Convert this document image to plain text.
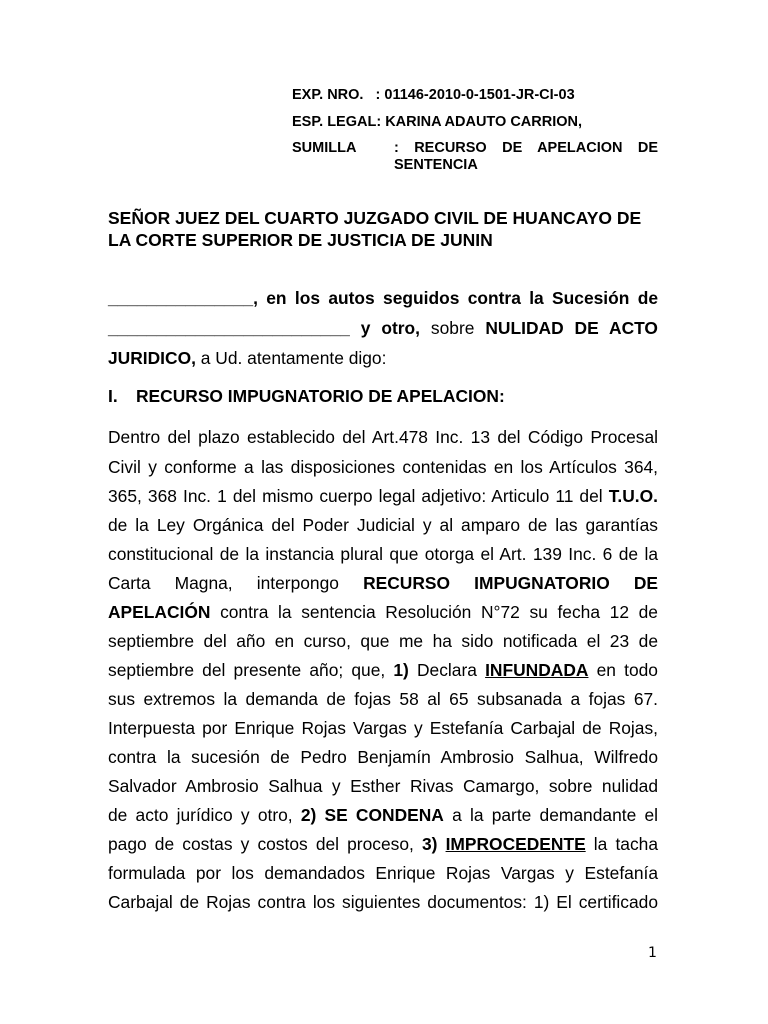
EXP. NRO. : 01146-2010-0-1501-JR-CI-03
ESP. LEGAL: KARINA ADAUTO CARRION,
SUMILLA	: RECURSO DE APELACION DE
SENTENCIA
SEÑOR JUEZ DEL CUARTO JUZGADO CIVIL DE HUANCAYO DE
LA CORTE SUPERIOR DE JUSTICIA DE JUNIN
_______________, en los autos seguidos contra la Sucesión de
_________________________ y otro, sobre NULIDAD DE ACTO
JURIDICO, a Ud. atentamente digo:
I. RECURSO IMPUGNATORIO DE APELACION:
Dentro del plazo establecido del Art.478 Inc. 13 del Código Procesal
Civil y conforme a las disposiciones contenidas en los Artículos 364,
365, 368 Inc. 1 del mismo cuerpo legal adjetivo: Articulo 11 del T.U.O.
de la Ley Orgánica del Poder Judicial y al amparo de las garantías
constitucional de la instancia plural que otorga el Art. 139 Inc. 6 de la
Carta Magna, interpongo RECURSO IMPUGNATORIO DE
APELACIÓN contra la sentencia Resolución N°72 su fecha 12 de
septiembre del año en curso, que me ha sido notificada el 23 de
septiembre del presente año; que, 1) Declara INFUNDADA en todo
sus extremos la demanda de fojas 58 al 65 subsanada a fojas 67.
Interpuesta por Enrique Rojas Vargas y Estefanía Carbajal de Rojas,
contra la sucesión de Pedro Benjamín Ambrosio Salhua, Wilfredo
Salvador Ambrosio Salhua y Esther Rivas Camargo, sobre nulidad
de acto jurídico y otro, 2) SE CONDENA a la parte demandante el
pago de costas y costos del proceso, 3) IMPROCEDENTE la tacha
formulada por los demandados Enrique Rojas Vargas y Estefanía
Carbajal de Rojas contra los siguientes documentos: 1) El certificado
1
